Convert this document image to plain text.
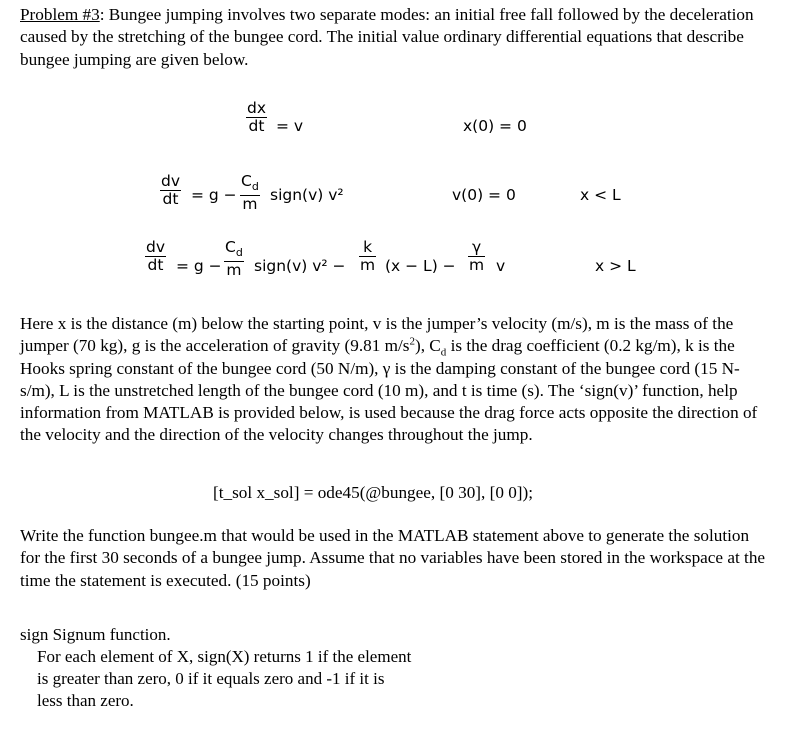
Problem #3: Bungee jumping involves two separate modes: an initial free fall followed by the deceleration caused by the stretching of the bungee cord. The initial value ordinary differential equations that describe bungee jumping are given below.
dx
dt = v	x(0) = 0
dv
dt = g −
$C_d$
m
sign(v) v²	v(0) = 0	x < L
dv
dt = g −
$C_d$
m sign(v) v² −
k
m (x − L) −
γ
m v	x > L
Here x is the distance (m) below the starting point, v is the jumper’s velocity (m/s), m is the mass of the jumper (70 kg), g is the acceleration of gravity (9.81 $m/s^2$), $C_d$ is the drag coefficient (0.2 kg/m), k is the Hooks spring constant of the bungee cord (50 N/m), γ is the damping constant of the bungee cord (15 N-s/m), L is the unstretched length of the bungee cord (10 m), and t is time (s). The ‘sign(v)’ function, help information from MATLAB is provided below, is used because the drag force acts opposite the direction of the velocity and the direction of the velocity changes throughout the jump.
[t_sol x_sol] = ode45(@bungee, [0 30], [0 0]);
Write the function bungee.m that would be used in the MATLAB statement above to generate the solution for the first 30 seconds of a bungee jump. Assume that no variables have been stored in the workspace at the time the statement is executed. (15 points)
sign Signum function.
For each element of X, sign(X) returns 1 if the element
is greater than zero, 0 if it equals zero and -1 if it is
less than zero.
